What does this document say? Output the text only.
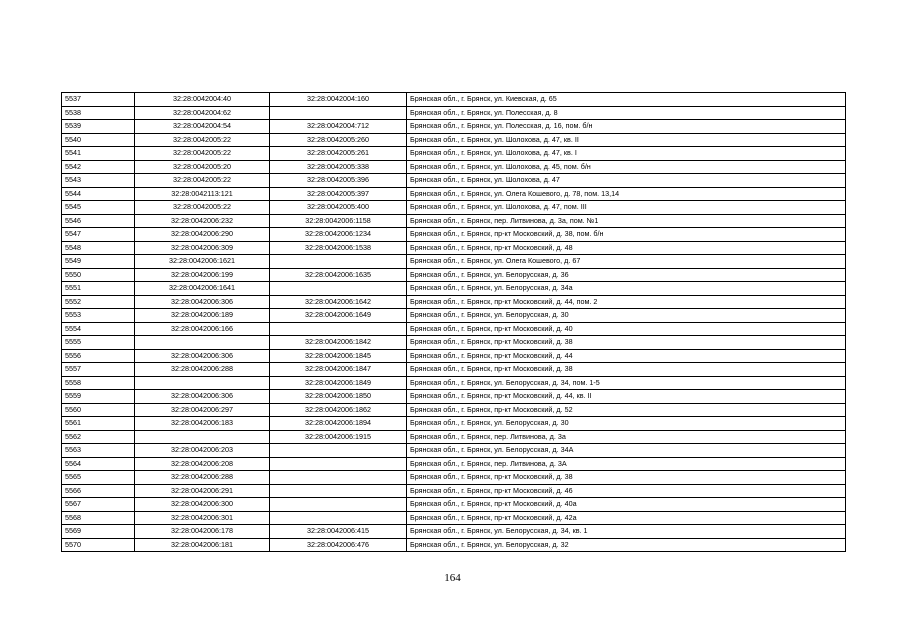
5537	32:28:0042004:40	32:28:0042004:160	Брянская обл., г. Брянск, ул. Киевская, д. 65
5538	32:28:0042004:62		Брянская обл., г. Брянск, ул. Полесская, д. 8
5539	32:28:0042004:54	32:28:0042004:712	Брянская обл., г. Брянск, ул. Полесская, д. 16, пом. б/н
5540	32:28:0042005:22	32:28:0042005:260	Брянская обл., г. Брянск, ул. Шолохова, д. 47, кв. II
5541	32:28:0042005:22	32:28:0042005:261	Брянская обл., г. Брянск, ул. Шолохова, д. 47, кв. I
5542	32:28:0042005:20	32:28:0042005:338	Брянская обл., г. Брянск, ул. Шолохова, д. 45, пом. б/н
5543	32:28:0042005:22	32:28:0042005:396	Брянская обл., г. Брянск, ул. Шолохова, д. 47
5544	32:28:0042113:121	32:28:0042005:397	Брянская обл., г. Брянск, ул. Олега Кошевого, д. 78, пом. 13,14
5545	32:28:0042005:22	32:28:0042005:400	Брянская обл., г. Брянск, ул. Шолохова, д. 47, пом. III
5546	32:28:0042006:232	32:28:0042006:1158	Брянская обл., г. Брянск, пер. Литвинова, д. 3а, пом. №1
5547	32:28:0042006:290	32:28:0042006:1234	Брянская обл., г. Брянск, пр-кт Московский, д. 38, пом. б/н
5548	32:28:0042006:309	32:28:0042006:1538	Брянская обл., г. Брянск, пр-кт Московский, д. 48
5549	32:28:0042006:1621		Брянская обл., г. Брянск, ул. Олега Кошевого, д. 67
5550	32:28:0042006:199	32:28:0042006:1635	Брянская обл., г. Брянск, ул. Белорусская, д. 36
5551	32:28:0042006:1641		Брянская обл., г. Брянск, ул. Белорусская, д. 34а
5552	32:28:0042006:306	32:28:0042006:1642	Брянская обл., г. Брянск, пр-кт Московский, д. 44, пом. 2
5553	32:28:0042006:189	32:28:0042006:1649	Брянская обл., г. Брянск, ул. Белорусская, д. 30
5554	32:28:0042006:166		Брянская обл., г. Брянск, пр-кт Московский, д. 40
5555		32:28:0042006:1842	Брянская обл., г. Брянск, пр-кт Московский, д. 38
5556	32:28:0042006:306	32:28:0042006:1845	Брянская обл., г. Брянск, пр-кт Московский, д. 44
5557	32:28:0042006:288	32:28:0042006:1847	Брянская обл., г. Брянск, пр-кт Московский, д. 38
5558		32:28:0042006:1849	Брянская обл., г. Брянск, ул. Белорусская, д. 34, пом. 1-5
5559	32:28:0042006:306	32:28:0042006:1850	Брянская обл., г. Брянск, пр-кт Московский, д. 44, кв. II
5560	32:28:0042006:297	32:28:0042006:1862	Брянская обл., г. Брянск, пр-кт Московский, д. 52
5561	32:28:0042006:183	32:28:0042006:1894	Брянская обл., г. Брянск, ул. Белорусская, д. 30
5562		32:28:0042006:1915	Брянская обл., г. Брянск, пер. Литвинова, д. 3а
5563	32:28:0042006:203		Брянская обл., г. Брянск, ул. Белорусская, д. 34А
5564	32:28:0042006:208		Брянская обл., г. Брянск, пер. Литвинова, д. 3А
5565	32:28:0042006:288		Брянская обл., г. Брянск, пр-кт Московский, д. 38
5566	32:28:0042006:291		Брянская обл., г. Брянск, пр-кт Московский, д. 46
5567	32:28:0042006:300		Брянская обл., г. Брянск, пр-кт Московский, д. 40а
5568	32:28:0042006:301		Брянская обл., г. Брянск, пр-кт Московский, д. 42а
5569	32:28:0042006:178	32:28:0042006:415	Брянская обл., г. Брянск, ул. Белорусская, д. 34, кв. 1
5570	32:28:0042006:181	32:28:0042006:476	Брянская обл., г. Брянск, ул. Белорусская, д. 32
164
